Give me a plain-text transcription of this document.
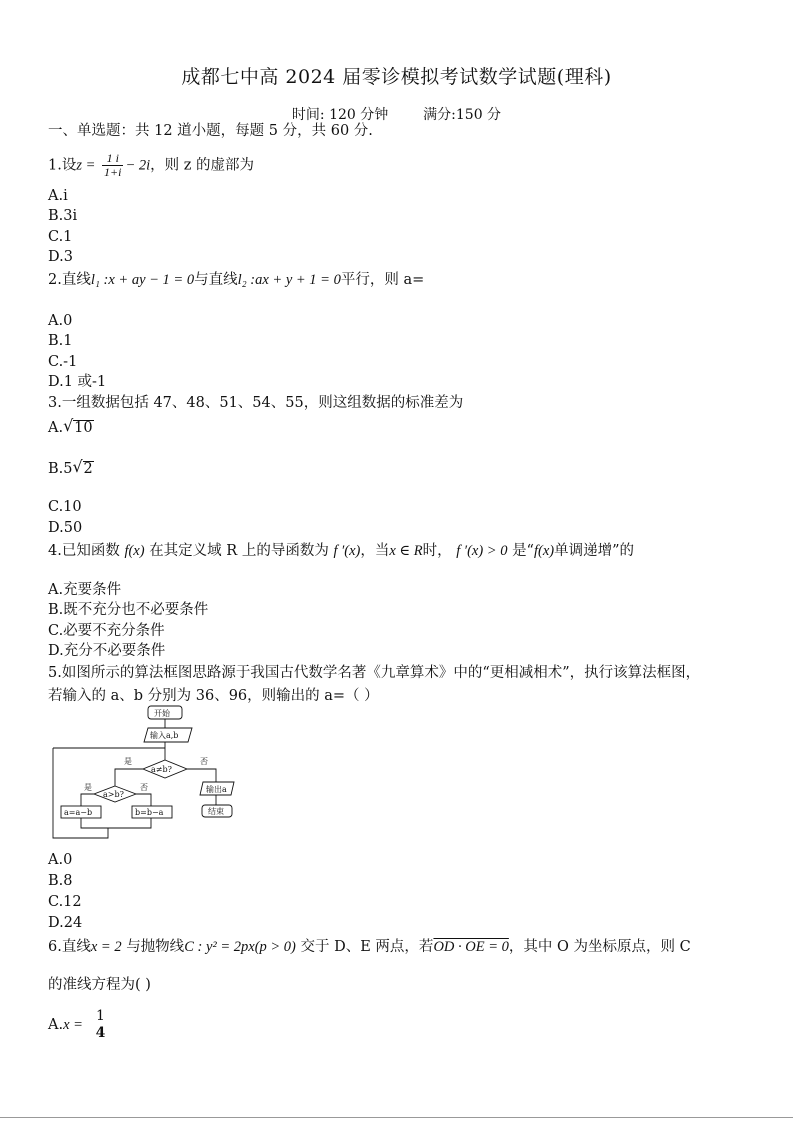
成都七中高 2024 届零诊模拟考试数学试题(理科)
时间: 120 分钟 满分:150 分
一、单选题：共 12 道小题，每题 5 分，共 60 分.
1.设$z = \frac{1 i}{1+i} - 2i$，则 z 的虚部为
A.i
B.3i
C.1
D.3
2.直线l₁ :x + ay − 1 = 0与直线l₂ :ax + y + 1 = 0平行，则 a=
A.0
B.1
C.-1
D.1 或-1
3.一组数据包括 47、48、51、54、55，则这组数据的标准差为
A. √ 10
B.5 √ 2
C.10
D.50
4.已知函数 f(x) 在其定义域 R 上的导函数为 f ′(x)，当x ∈ R时， f ′(x) > 0 是“f(x)单调递增”的
A.充要条件
B.既不充分也不必要条件
C.必要不充分条件
D.充分不必要条件
5.如图所示的算法框图思路源于我国古代数学名著《九章算术》中的“更相减相术”，执行该算法框图，
若输入的 a、b 分别为 36、96，则输出的 a=（ ）
开始
输入a,b
a≠b?
是	否
a>b?
是	否
a=a−b	b=b−a
输出a
结束
A.0
B.8
C.12
D.24
6.直线x = 2 与抛物线C : y² = 2px(p > 0) 交于 D、E 两点，若OD · OE = 0，其中 O 为坐标原点，则 C
的准线方程为( )
A.x =
1
4
